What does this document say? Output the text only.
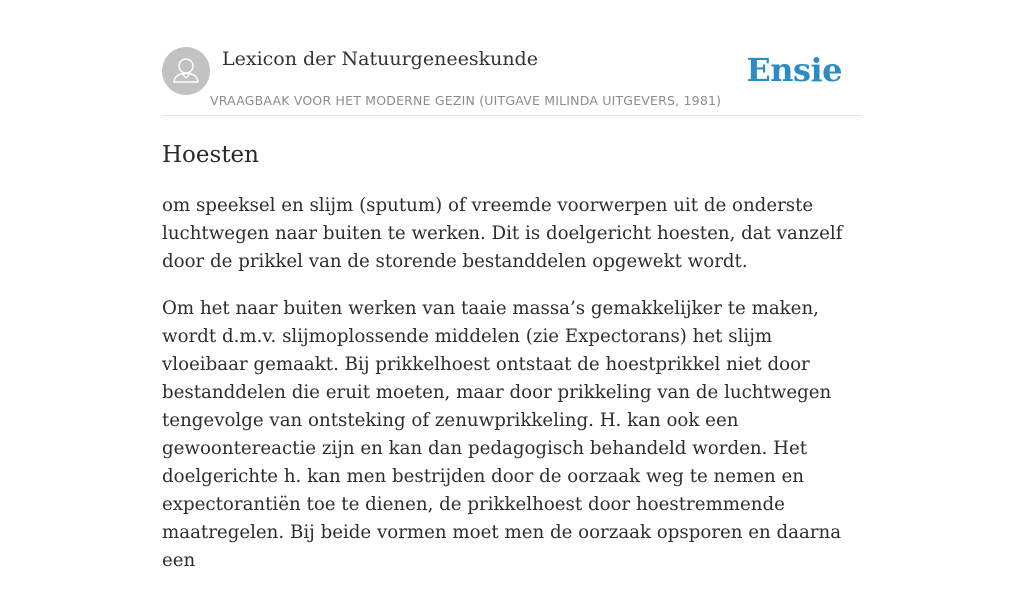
Lexicon der Natuurgeneeskunde
VRAAGBAAK VOOR HET MODERNE GEZIN (UITGAVE MILINDA UITGEVERS, 1981)
Ensie
Hoesten

om speeksel en slijm (sputum) of vreemde voorwerpen uit de onderste luchtwegen naar buiten te werken. Dit is doelgericht hoesten, dat vanzelf door de prikkel van de storende bestanddelen opgewekt wordt.

Om het naar buiten werken van taaie massa’s gemakkelijker te maken, wordt d.m.v. slijmoplossende middelen (zie Expectorans) het slijm vloeibaar gemaakt. Bij prikkelhoest ontstaat de hoestprikkel niet door bestanddelen die eruit moeten, maar door prikkeling van de luchtwegen tengevolge van ontsteking of zenuwprikkeling. H. kan ook een gewoontereactie zijn en kan dan pedagogisch behandeld worden. Het doelgerichte h. kan men bestrijden door de oorzaak weg te nemen en expectorantiën toe te dienen, de prikkelhoest door hoestremmende maatregelen. Bij beide vormen moet men de oorzaak opsporen en daarna een
